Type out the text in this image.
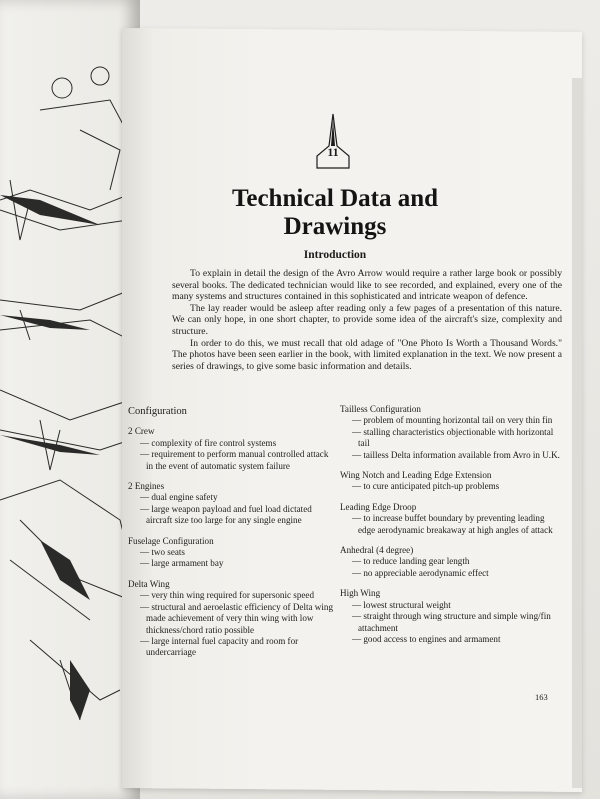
11
Technical Data and
Drawings
Introduction

To explain in detail the design of the Avro Arrow would require a rather large book or possibly several books. The dedicated technician would like to see recorded, and explained, every one of the many systems and structures contained in this sophisticated and intricate weapon of defence.

The lay reader would be asleep after reading only a few pages of a presentation of this nature. We can only hope, in one short chapter, to provide some idea of the aircraft's size, complexity and structure.

In order to do this, we must recall that old adage of "One Photo Is Worth a Thousand Words." The photos have been seen earlier in the book, with limited explanation in the text. We now present a series of drawings, to give some basic information and details.

Configuration
2 Crew
— complexity of fire control systems
— requirement to perform manual controlled attack in the event of automatic system failure
2 Engines
— dual engine safety
— large weapon payload and fuel load dictated aircraft size too large for any single engine
Fuselage Configuration
— two seats
— large armament bay
Delta Wing
— very thin wing required for supersonic speed
— structural and aeroelastic efficiency of Delta wing made achievement of very thin wing with low thickness/chord ratio possible
— large internal fuel capacity and room for undercarriage
Tailless Configuration
— problem of mounting horizontal tail on very thin fin
— stalling characteristics objectionable with horizontal tail
— tailless Delta information available from Avro in U.K.
Wing Notch and Leading Edge Extension
— to cure anticipated pitch-up problems
Leading Edge Droop
— to increase buffet boundary by preventing leading edge aerodynamic breakaway at high angles of attack
Anhedral (4 degree)
— to reduce landing gear length
— no appreciable aerodynamic effect
High Wing
— lowest structural weight
— straight through wing structure and simple wing/fin attachment
— good access to engines and armament
163
